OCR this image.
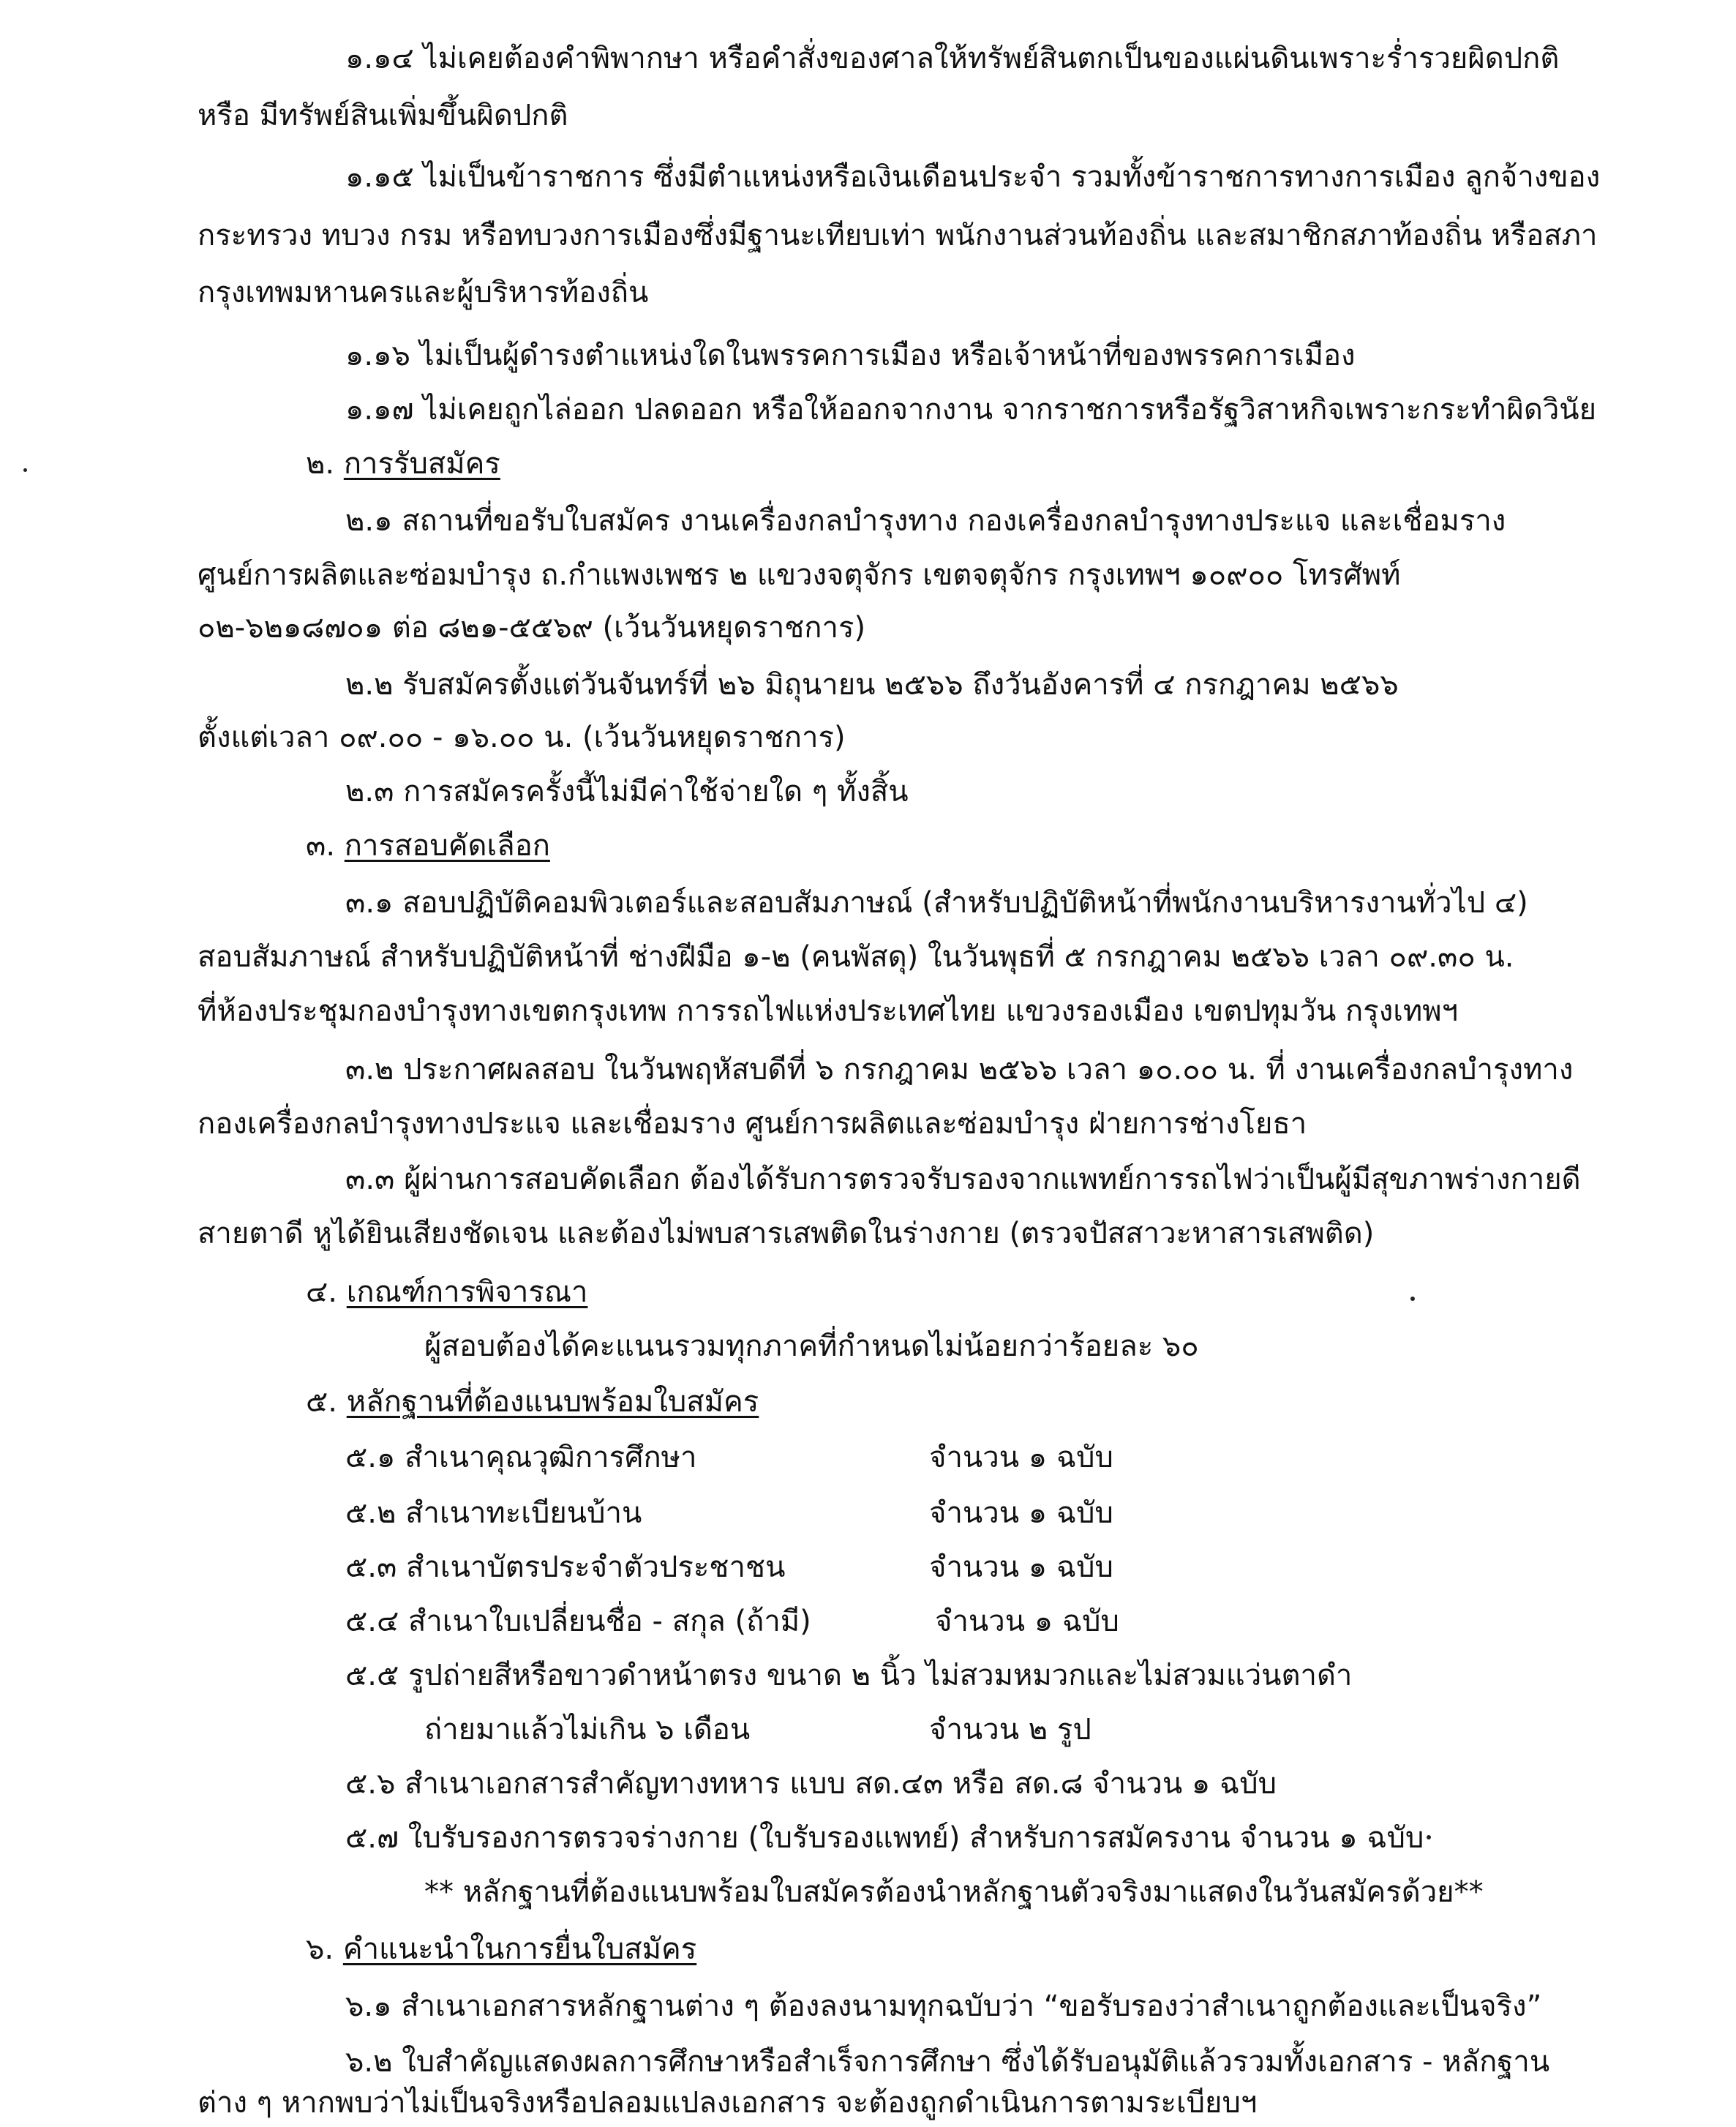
๑.๑๔ ไม่เคยต้องคำพิพากษา หรือคำสั่งของศาลให้ทรัพย์สินตกเป็นของแผ่นดินเพราะร่ำรวยผิดปกติ
หรือ มีทรัพย์สินเพิ่มขึ้นผิดปกติ
๑.๑๕ ไม่เป็นข้าราชการ ซึ่งมีตำแหน่งหรือเงินเดือนประจำ รวมทั้งข้าราชการทางการเมือง ลูกจ้างของ
กระทรวง ทบวง กรม หรือทบวงการเมืองซึ่งมีฐานะเทียบเท่า พนักงานส่วนท้องถิ่น และสมาชิกสภาท้องถิ่น หรือสภา
กรุงเทพมหานครและผู้บริหารท้องถิ่น
๑.๑๖ ไม่เป็นผู้ดำรงตำแหน่งใดในพรรคการเมือง หรือเจ้าหน้าที่ของพรรคการเมือง
๑.๑๗ ไม่เคยถูกไล่ออก ปลดออก หรือให้ออกจากงาน จากราชการหรือรัฐวิสาหกิจเพราะกระทำผิดวินัย
๒. การรับสมัคร
๒.๑ สถานที่ขอรับใบสมัคร งานเครื่องกลบำรุงทาง กองเครื่องกลบำรุงทางประแจ และเชื่อมราง
ศูนย์การผลิตและซ่อมบำรุง ถ.กำแพงเพชร ๒ แขวงจตุจักร เขตจตุจักร กรุงเทพฯ ๑๐๙๐๐ โทรศัพท์
๐๒-๖๒๑๘๗๐๑ ต่อ ๘๒๑-๕๕๖๙ (เว้นวันหยุดราชการ)
๒.๒ รับสมัครตั้งแต่วันจันทร์ที่ ๒๖ มิถุนายน ๒๕๖๖ ถึงวันอังคารที่ ๔ กรกฎาคม ๒๕๖๖
ตั้งแต่เวลา ๐๙.๐๐ - ๑๖.๐๐ น. (เว้นวันหยุดราชการ)
๒.๓ การสมัครครั้งนี้ไม่มีค่าใช้จ่ายใด ๆ ทั้งสิ้น
๓. การสอบคัดเลือก
๓.๑ สอบปฏิบัติคอมพิวเตอร์และสอบสัมภาษณ์ (สำหรับปฏิบัติหน้าที่พนักงานบริหารงานทั่วไป ๔)
สอบสัมภาษณ์ สำหรับปฏิบัติหน้าที่ ช่างฝีมือ ๑-๒ (คนพัสดุ) ในวันพุธที่ ๕ กรกฎาคม ๒๕๖๖ เวลา ๐๙.๓๐ น.
ที่ห้องประชุมกองบำรุงทางเขตกรุงเทพ การรถไฟแห่งประเทศไทย แขวงรองเมือง เขตปทุมวัน กรุงเทพฯ
๓.๒ ประกาศผลสอบ ในวันพฤหัสบดีที่ ๖ กรกฎาคม ๒๕๖๖ เวลา ๑๐.๐๐ น. ที่ งานเครื่องกลบำรุงทาง
กองเครื่องกลบำรุงทางประแจ และเชื่อมราง ศูนย์การผลิตและซ่อมบำรุง ฝ่ายการช่างโยธา
๓.๓ ผู้ผ่านการสอบคัดเลือก ต้องได้รับการตรวจรับรองจากแพทย์การรถไฟว่าเป็นผู้มีสุขภาพร่างกายดี
สายตาดี หูได้ยินเสียงชัดเจน และต้องไม่พบสารเสพติดในร่างกาย (ตรวจปัสสาวะหาสารเสพติด)
๔. เกณฑ์การพิจารณา
ผู้สอบต้องได้คะแนนรวมทุกภาคที่กำหนดไม่น้อยกว่าร้อยละ ๖๐
๕. หลักฐานที่ต้องแนบพร้อมใบสมัคร
๕.๑ สำเนาคุณวุฒิการศึกษา	จำนวน ๑ ฉบับ
๕.๒ สำเนาทะเบียนบ้าน	จำนวน ๑ ฉบับ
๕.๓ สำเนาบัตรประจำตัวประชาชน	จำนวน ๑ ฉบับ
๕.๔ สำเนาใบเปลี่ยนชื่อ - สกุล (ถ้ามี)	จำนวน ๑ ฉบับ
๕.๕ รูปถ่ายสีหรือขาวดำหน้าตรง ขนาด ๒ นิ้ว ไม่สวมหมวกและไม่สวมแว่นตาดำ
ถ่ายมาแล้วไม่เกิน ๖ เดือน	จำนวน ๒ รูป
๕.๖ สำเนาเอกสารสำคัญทางทหาร แบบ สด.๔๓ หรือ สด.๘ จำนวน ๑ ฉบับ
๕.๗ ใบรับรองการตรวจร่างกาย (ใบรับรองแพทย์) สำหรับการสมัครงาน จำนวน ๑ ฉบับ
** หลักฐานที่ต้องแนบพร้อมใบสมัครต้องนำหลักฐานตัวจริงมาแสดงในวันสมัครด้วย**
๖. คำแนะนำในการยื่นใบสมัคร
๖.๑ สำเนาเอกสารหลักฐานต่าง ๆ ต้องลงนามทุกฉบับว่า “ขอรับรองว่าสำเนาถูกต้องและเป็นจริง”
๖.๒ ใบสำคัญแสดงผลการศึกษาหรือสำเร็จการศึกษา ซึ่งได้รับอนุมัติแล้วรวมทั้งเอกสาร - หลักฐาน
ต่าง ๆ หากพบว่าไม่เป็นจริงหรือปลอมแปลงเอกสาร จะต้องถูกดำเนินการตามระเบียบฯ
